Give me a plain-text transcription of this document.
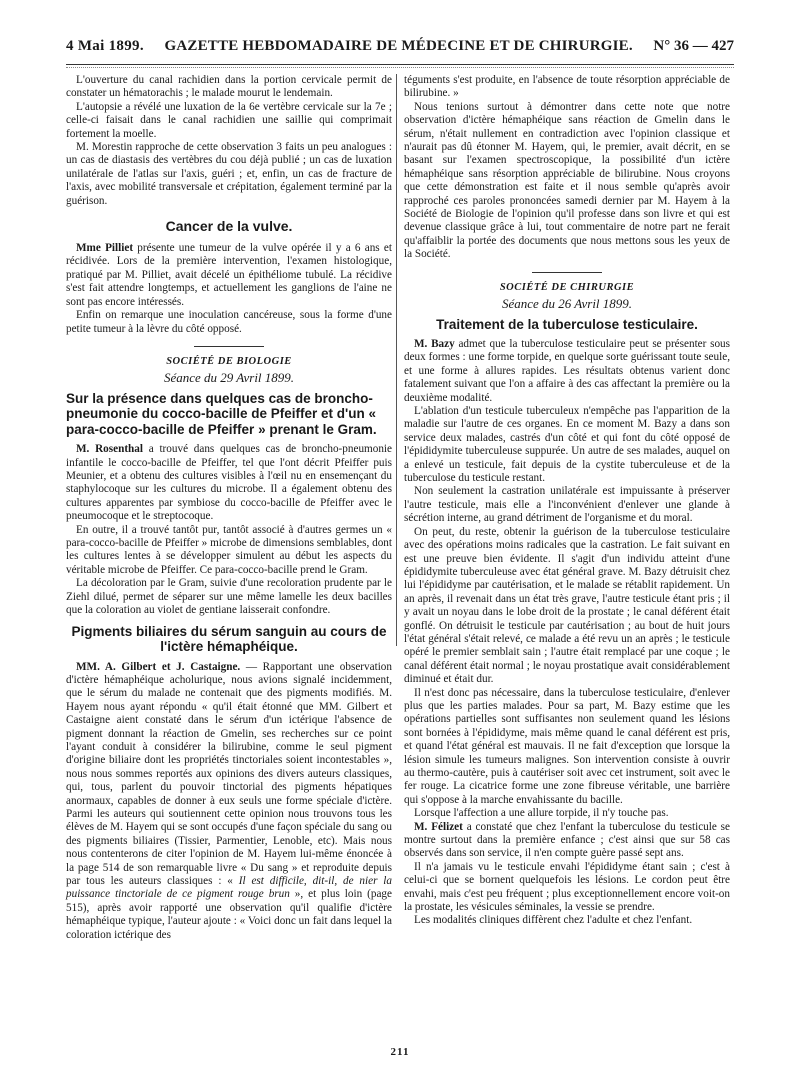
4 Mai 1899. GAZETTE HEBDOMADAIRE DE MÉDECINE ET DE CHIRURGIE. N° 36 — 427

L'ouverture du canal rachidien dans la portion cervicale permit de constater un hématorachis ; le malade mourut le lendemain.

L'autopsie a révélé une luxation de la 6e vertèbre cervicale sur la 7e ; celle-ci faisait dans le canal rachidien une saillie qui comprimait fortement la moelle.

M. Morestin rapproche de cette observation 3 faits un peu analogues : un cas de diastasis des vertèbres du cou déjà publié ; un cas de luxation unilatérale de l'atlas sur l'axis, guéri ; et, enfin, un cas de fracture de l'axis, avec mobilité transversale et crépitation, également terminé par la guérison.

Cancer de la vulve.

Mme Pilliet présente une tumeur de la vulve opérée il y a 6 ans et récidivée. Lors de la première intervention, l'examen histologique, pratiqué par M. Pilliet, avait décelé un épithéliome tubulé. La récidive s'est fait attendre longtemps, et actuellement les ganglions de l'aine ne sont pas encore intéressés.

Enfin on remarque une inoculation cancéreuse, sous la forme d'une petite tumeur à la lèvre du côté opposé.

SOCIÉTÉ DE BIOLOGIE
Séance du 29 Avril 1899.
Sur la présence dans quelques cas de broncho-pneumonie du cocco-bacille de Pfeiffer et d'un « para-cocco-bacille de Pfeiffer » prenant le Gram.

M. Rosenthal a trouvé dans quelques cas de broncho-pneumonie infantile le cocco-bacille de Pfeiffer, tel que l'ont décrit Pfeiffer puis Meunier, et a obtenu des cultures visibles à l'œil nu en ensemençant du staphylocoque sur les cultures du microbe. Il a également obtenu des cultures apparentes par symbiose du cocco-bacille de Pfeiffer avec le pneumocoque et le streptocoque.

En outre, il a trouvé tantôt pur, tantôt associé à d'autres germes un « para-cocco-bacille de Pfeiffer » microbe de dimensions semblables, dont les cultures lentes à se développer simulent au début les aspects du véritable microbe de Pfeiffer. Ce para-cocco-bacille prend le Gram.

La décoloration par le Gram, suivie d'une recoloration prudente par le Ziehl dilué, permet de séparer sur une même lamelle les deux bacilles que la coloration au violet de gentiane laisserait confondre.

Pigments biliaires du sérum sanguin au cours de l'ictère hémaphéique.

MM. A. Gilbert et J. Castaigne. — Rapportant une observation d'ictère hémaphéique acholurique, nous avions signalé incidemment, que le sérum du malade ne contenait que des pigments modifiés. M. Hayem nous ayant répondu « qu'il était étonné que MM. Gilbert et Castaigne aient constaté dans le sérum d'un ictérique l'absence de pigment donnant la réaction de Gmelin, ses recherches sur ce point l'ayant conduit à considérer la bilirubine, comme le seul pigment d'origine biliaire dont les propriétés tinctoriales soient incontestables », nous nous sommes reportés aux opinions des divers auteurs classiques, qui, tous, parlent du pouvoir tinctorial des pigments hépatiques anormaux, capables de donner à eux seuls une forme spéciale d'ictère. Parmi les auteurs qui soutiennent cette opinion nous trouvons tous les élèves de M. Hayem qui se sont occupés d'une façon spéciale du sang ou des pigments biliaires (Tissier, Parmentier, Lenoble, etc). Mais nous nous contenterons de citer l'opinion de M. Hayem lui-même énoncée à la page 514 de son remarquable livre « Du sang » et reproduite depuis par tous les auteurs classiques : « Il est difficile, dit-il, de nier la puissance tinctoriale de ce pigment rouge brun », et plus loin (page 515), après avoir rapporté une observation qu'il qualifie d'ictère hémaphéique typique, l'auteur ajoute : « Voici donc un fait dans lequel la coloration ictérique des

téguments s'est produite, en l'absence de toute résorption appréciable de bilirubine. »

Nous tenions surtout à démontrer dans cette note que notre observation d'ictère hémaphéique sans réaction de Gmelin dans le sérum, n'était nullement en contradiction avec l'opinion classique et n'aurait pas dû étonner M. Hayem, qui, le premier, avait décrit, en se basant sur l'examen spectroscopique, la possibilité d'un ictère hémaphéique sans résorption appréciable de bilirubine. Nous croyons que cette démonstration est faite et il nous semble qu'après avoir rapproché ces paroles prononcées samedi dernier par M. Hayem à la Société de Biologie de l'opinion qu'il professe dans son livre et qui est devenue classique grâce à lui, tout commentaire de notre part ne ferait qu'affaiblir la portée des documents que nous mettons sous les yeux de la Société.

SOCIÉTÉ DE CHIRURGIE
Séance du 26 Avril 1899.
Traitement de la tuberculose testiculaire.

M. Bazy admet que la tuberculose testiculaire peut se présenter sous deux formes : une forme torpide, en quelque sorte guérissant toute seule, et une forme à allures rapides. Les résultats obtenus varient donc fatalement suivant que l'on a affaire à des cas affectant la première ou la deuxième modalité.

L'ablation d'un testicule tuberculeux n'empêche pas l'apparition de la maladie sur l'autre de ces organes. En ce moment M. Bazy a dans son service deux malades, castrés d'un côté et qui font du côté opposé de l'épididymite tuberculeuse suppurée. Un autre de ses malades, auquel on a enlevé un testicule, fait depuis de la cystite tuberculeuse et de la tuberculose du testicule restant.

Non seulement la castration unilatérale est impuissante à préserver l'autre testicule, mais elle a l'inconvénient d'enlever une glande à sécrétion interne, au grand détriment de l'organisme et du moral.

On peut, du reste, obtenir la guérison de la tuberculose testiculaire avec des opérations moins radicales que la castration. Le fait suivant en est une preuve bien évidente. Il s'agit d'un individu atteint d'une épididymite tuberculeuse avec état général grave. M. Bazy détruisit chez lui l'épididyme par cautérisation, et le malade se rétablit rapidement. Un an après, il revenait dans un état très grave, l'autre testicule étant pris ; il y avait un noyau dans le lobe droit de la prostate ; le canal déférent était gonflé. On détruisit le testicule par cautérisation ; au bout de huit jours l'état général s'était relevé, ce malade a été revu un an après ; le testicule opéré le premier semblait sain ; l'autre était remplacé par une coque ; le canal déférent était normal ; le noyau prostatique avait considérablement diminué et était dur.

Il n'est donc pas nécessaire, dans la tuberculose testiculaire, d'enlever plus que les parties malades. Pour sa part, M. Bazy estime que les opérations partielles sont suffisantes non seulement quand les lésions sont bornées à l'épididyme, mais même quand le canal déférent est pris, et quand l'état général est mauvais. Il ne fait d'exception que lorsque la lésion simule les tumeurs malignes. Son intervention consiste à ouvrir au thermo-cautère, puis à cautériser soit avec cet instrument, soit avec le fer rouge. La cicatrice forme une zone fibreuse véritable, une barrière qui s'oppose à la marche envahissante du bacille.

Lorsque l'affection a une allure torpide, il n'y touche pas.

M. Félizet a constaté que chez l'enfant la tuberculose du testicule se montre surtout dans la première enfance ; c'est ainsi que sur 58 cas observés dans son service, il n'en compte guère passé sept ans.

Il n'a jamais vu le testicule envahi l'épididyme étant sain ; c'est à celui-ci que se bornent quelquefois les lésions. Le cordon peut être envahi, mais c'est peu fréquent ; plus exceptionnellement encore voit-on la prostate, les vésicules séminales, la vessie se prendre.

Les modalités cliniques diffèrent chez l'adulte et chez l'enfant.

211
